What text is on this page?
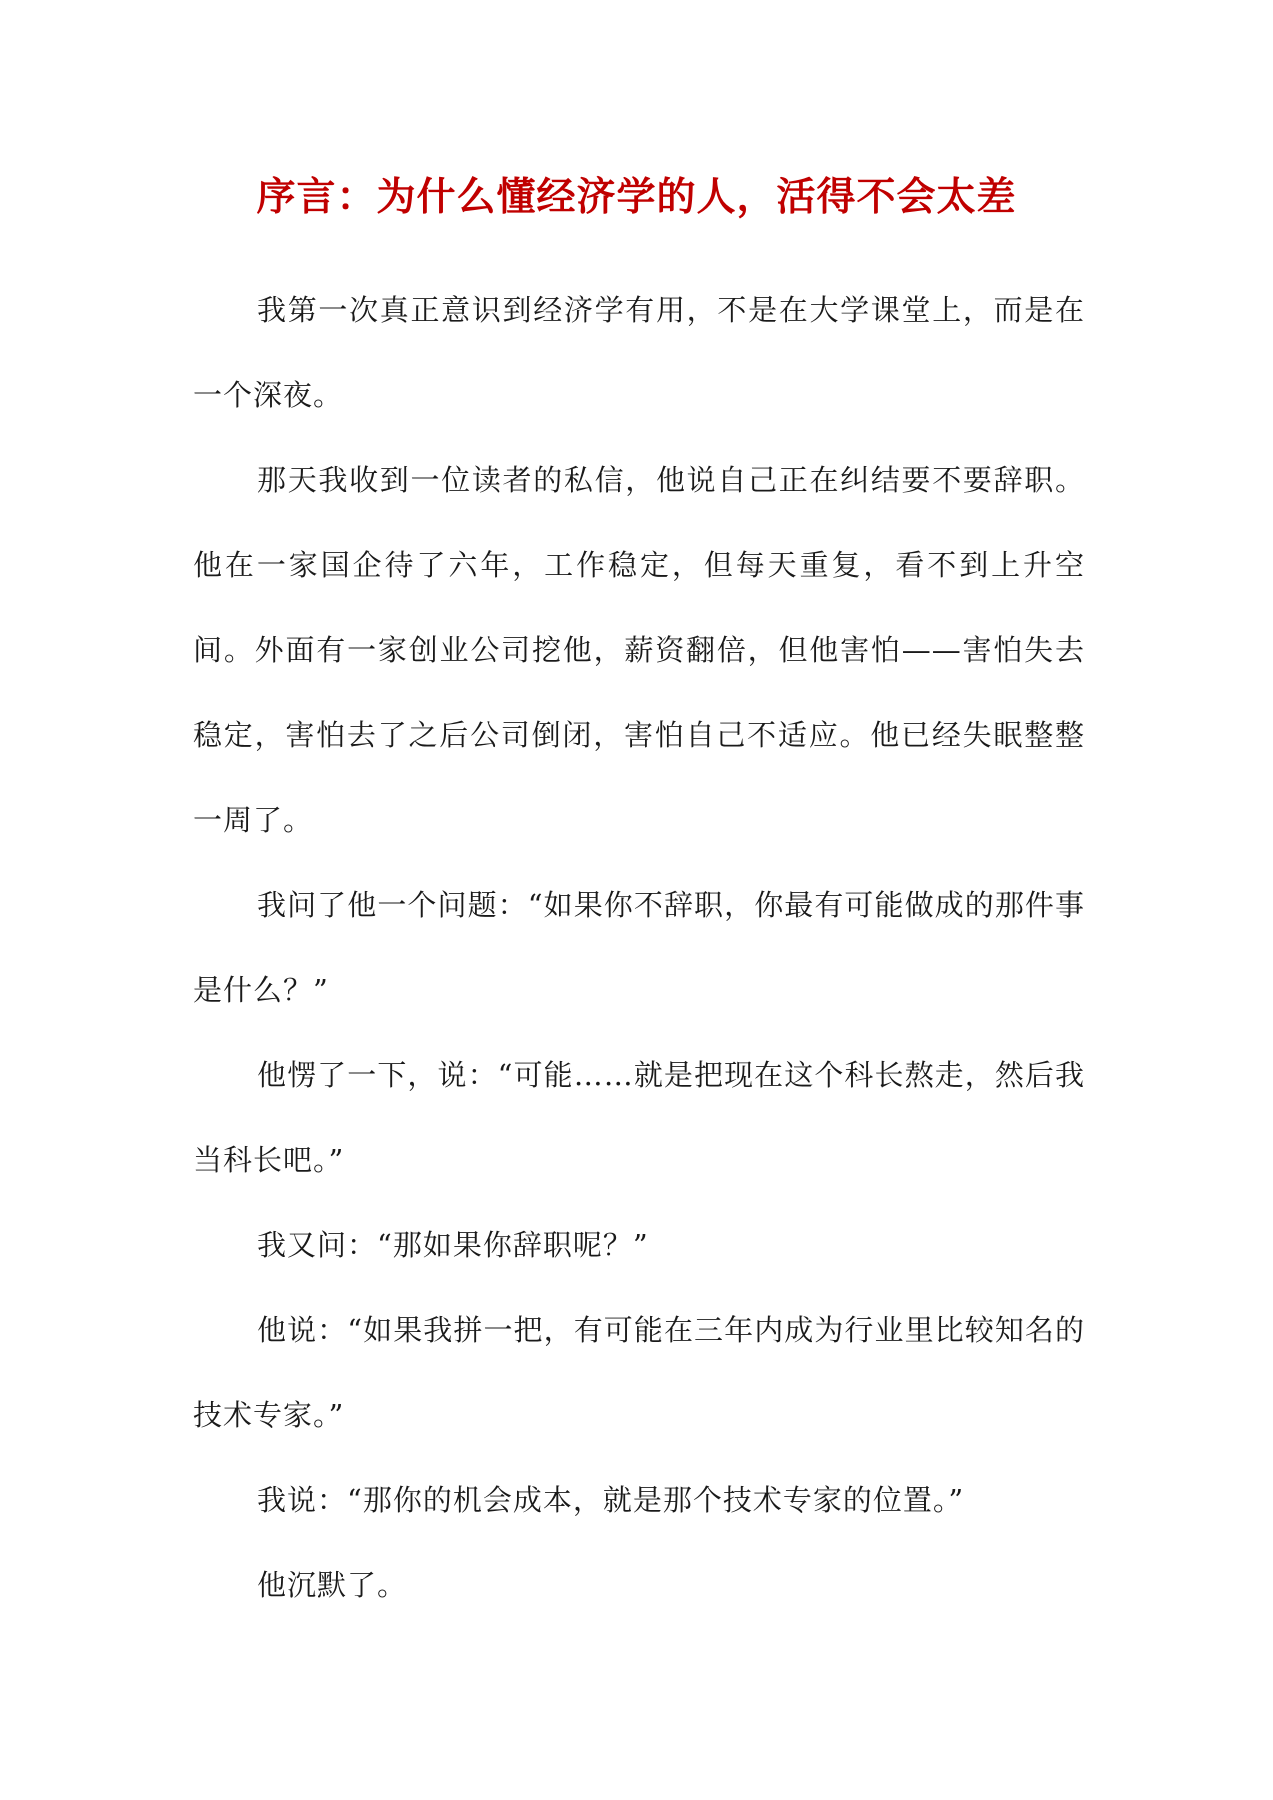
序言：为什么懂经济学的人，活得不会太差

我第一次真正意识到经济学有用，不是在大学课堂上，而是在一个深夜。

那天我收到一位读者的私信，他说自己正在纠结要不要辞职。他在一家国企待了六年，工作稳定，但每天重复，看不到上升空间。外面有一家创业公司挖他，薪资翻倍，但他害怕——害怕失去稳定，害怕去了之后公司倒闭，害怕自己不适应。他已经失眠整整一周了。

我问了他一个问题：“如果你不辞职，你最有可能做成的那件事是什么？”

他愣了一下，说：“可能……就是把现在这个科长熬走，然后我当科长吧。”

我又问：“那如果你辞职呢？”

他说：“如果我拼一把，有可能在三年内成为行业里比较知名的技术专家。”

我说：“那你的机会成本，就是那个技术专家的位置。”

他沉默了。
